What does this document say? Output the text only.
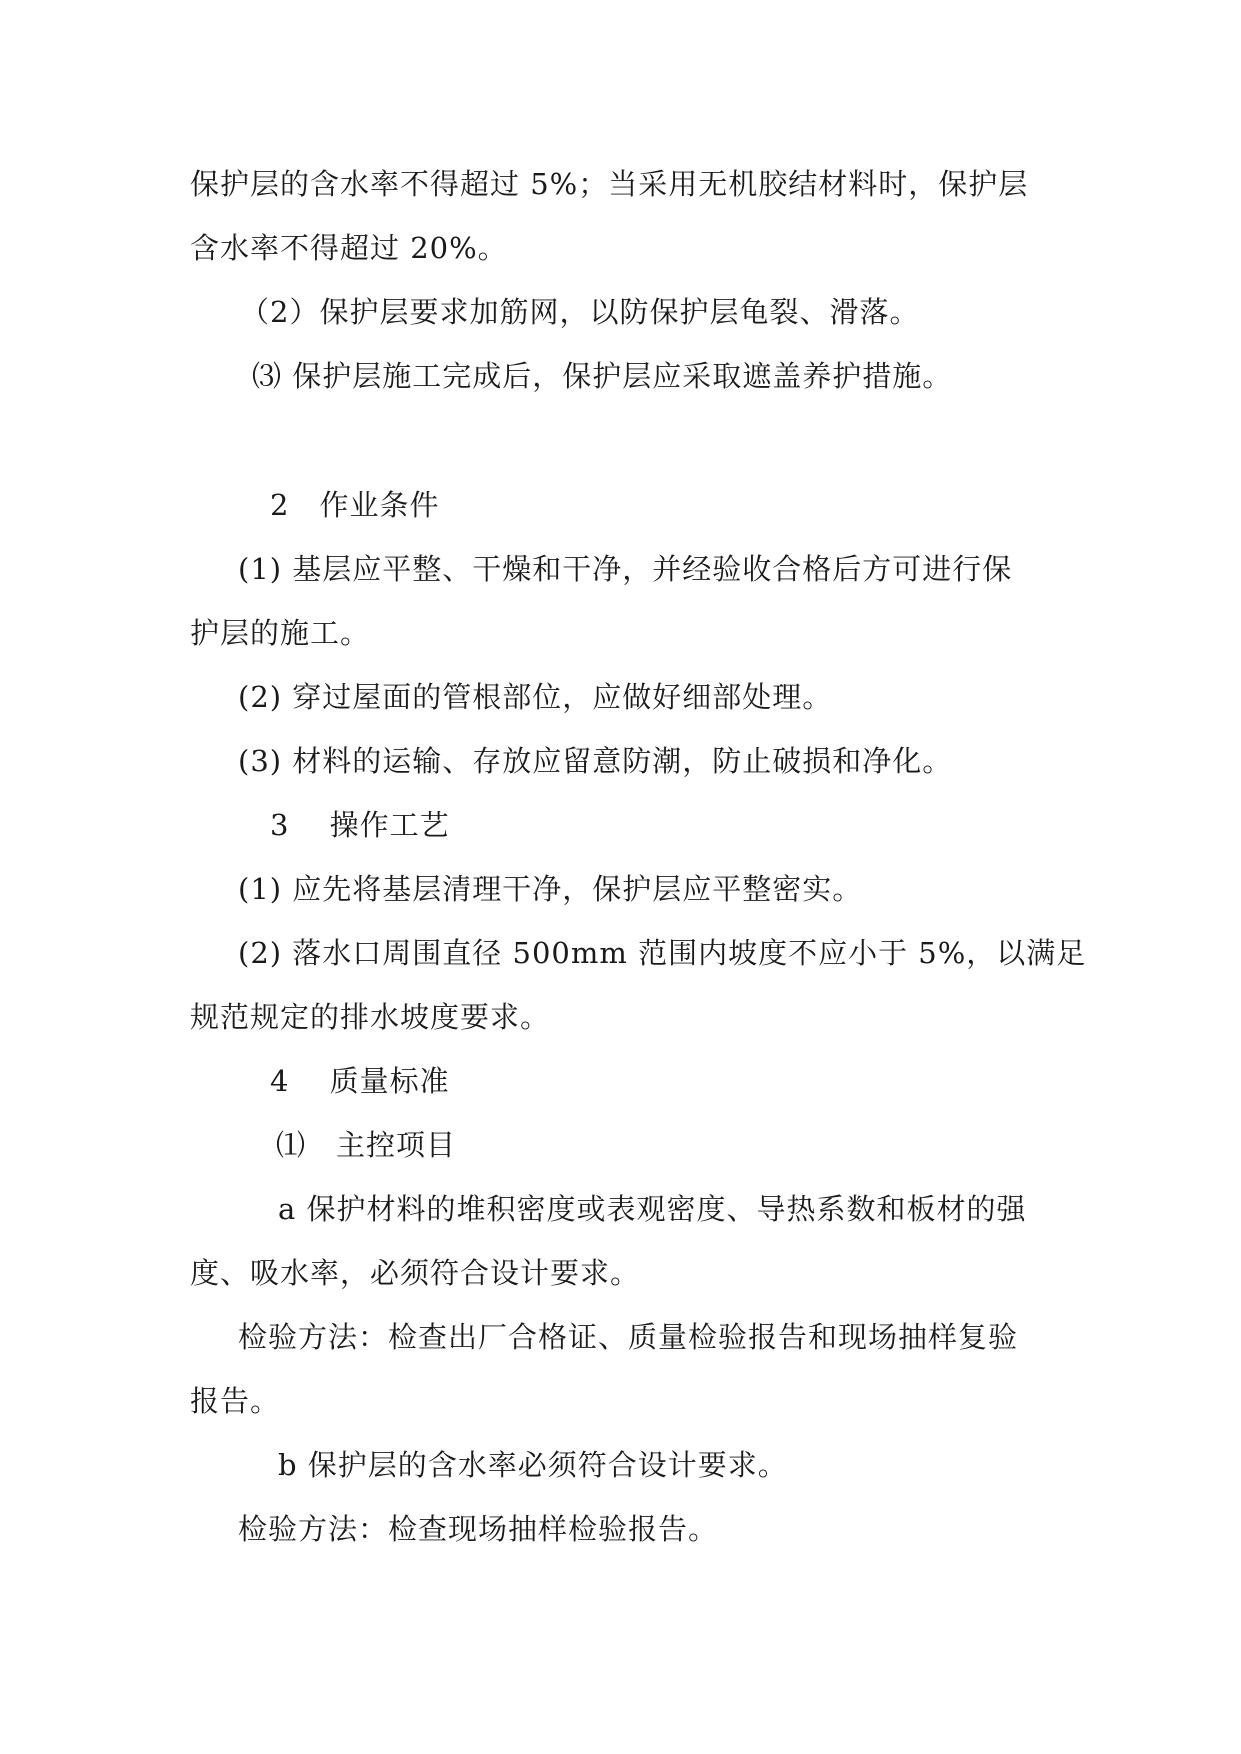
保护层的含水率不得超过 5%；当采用无机胶结材料时，保护层
含水率不得超过 20%。
（2）保护层要求加筋网，以防保护层龟裂、滑落。
⑶ 保护层施工完成后，保护层应采取遮盖养护措施。
2　作业条件
(1) 基层应平整、干燥和干净，并经验收合格后方可进行保
护层的施工。
(2) 穿过屋面的管根部位，应做好细部处理。
(3) 材料的运输、存放应留意防潮，防止破损和净化。
3　 操作工艺
(1) 应先将基层清理干净，保护层应平整密实。
(2) 落水口周围直径 500mm 范围内坡度不应小于 5%，以满足
规范规定的排水坡度要求。
4　 质量标准
⑴　主控项目
a 保护材料的堆积密度或表观密度、导热系数和板材的强
度、吸水率，必须符合设计要求。
检验方法：检查出厂合格证、质量检验报告和现场抽样复验
报告。
b 保护层的含水率必须符合设计要求。
检验方法：检查现场抽样检验报告。
